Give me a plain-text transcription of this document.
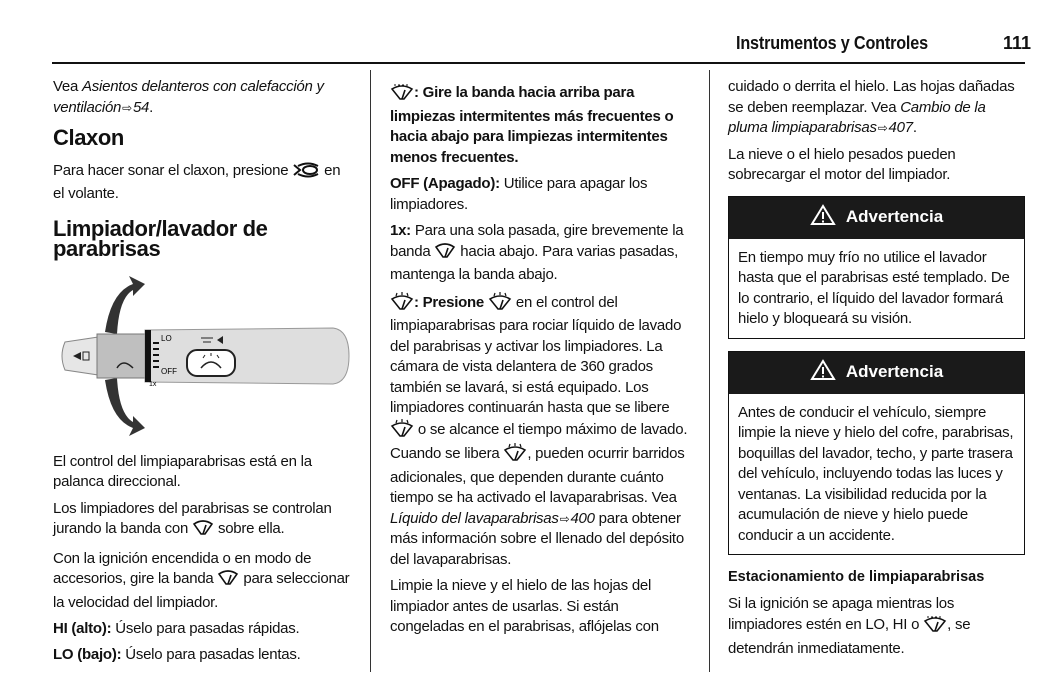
Instrumentos y Controles	111

Vea Asientos delanteros con calefacción y ventilación⇨54.

Claxon

Para hacer sonar el claxon, presione  en el volante.

Limpiador/lavador de parabrisas
LO
OFF
1x

El control del limpiaparabrisas está en la palanca direccional.

Los limpiadores del parabrisas se controlan jurando la banda con  sobre ella.

Con la ignición encendida o en modo de accesorios, gire la banda  para seleccionar la velocidad del limpiador.

HI (alto): Úselo para pasadas rápidas.

LO (bajo): Úselo para pasadas lentas.

: Gire la banda hacia arriba para limpiezas intermitentes más frecuentes o hacia abajo para limpiezas intermitentes menos frecuentes.

OFF (Apagado): Utilice para apagar los limpiadores.

1x: Para una sola pasada, gire brevemente la banda  hacia abajo. Para varias pasadas, mantenga la banda abajo.

: Presione  en el control del limpiaparabrisas para rociar líquido de lavado del parabrisas y activar los limpiadores. La cámara de vista delantera de 360 grados también se lavará, si está equipado. Los limpiadores continuarán hasta que se libere  o se alcance el tiempo máximo de lavado. Cuando se libera , pueden ocurrir barridos adicionales, que dependen durante cuánto tiempo se ha activado el lavaparabrisas. Vea Líquido del lavaparabrisas⇨400 para obtener más información sobre el llenado del depósito del lavaparabrisas.

Limpie la nieve y el hielo de las hojas del limpiador antes de usarlas. Si están congeladas en el parabrisas, aflójelas con

cuidado o derrita el hielo. Las hojas dañadas se deben reemplazar. Vea Cambio de la pluma limpiaparabrisas⇨407.

La nieve o el hielo pesados pueden sobrecargar el motor del limpiador.

Advertencia
En tiempo muy frío no utilice el lavador hasta que el parabrisas esté templado. De lo contrario, el líquido del lavador formará hielo y bloqueará su visión.
Advertencia
Antes de conducir el vehículo, siempre limpie la nieve y hielo del cofre, parabrisas, boquillas del lavador, techo, y parte trasera del vehículo, incluyendo todas las luces y ventanas. La visibilidad reducida por la acumulación de nieve y hielo puede conducir a un accidente.
Estacionamiento de limpiaparabrisas

Si la ignición se apaga mientras los limpiadores estén en LO, HI o , se detendrán inmediatamente.
